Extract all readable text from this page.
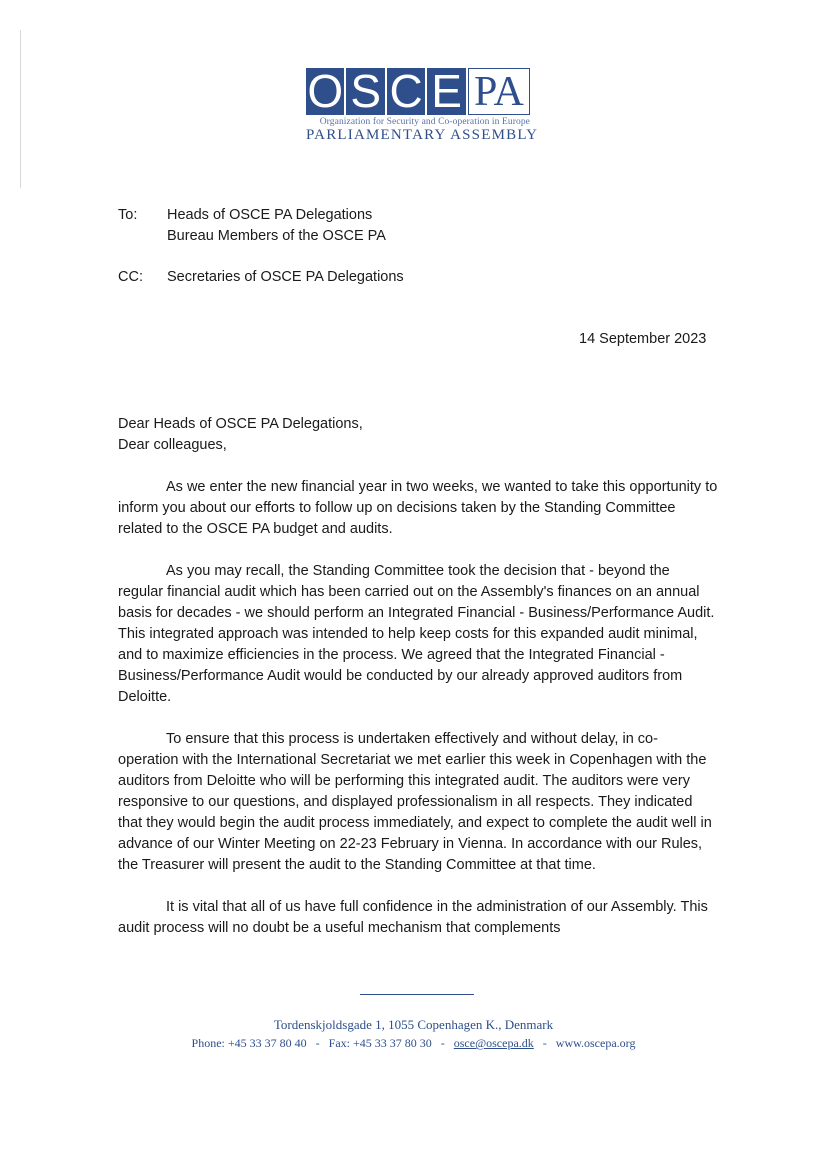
O S C E PA
Organization for Security and Co-operation in Europe
PARLIAMENTARY ASSEMBLY
To: Heads of OSCE PA Delegations
Bureau Members of the OSCE PA
CC: Secretaries of OSCE PA Delegations
14 September 2023

Dear Heads of OSCE PA Delegations,

Dear colleagues,

As we enter the new financial year in two weeks, we wanted to take this opportunity to inform you about our efforts to follow up on decisions taken by the Standing Committee related to the OSCE PA budget and audits.

As you may recall, the Standing Committee took the decision that - beyond the regular financial audit which has been carried out on the Assembly's finances on an annual basis for decades - we should perform an Integrated Financial - Business/Performance Audit. This integrated approach was intended to help keep costs for this expanded audit minimal, and to maximize efficiencies in the process. We agreed that the Integrated Financial - Business/Performance Audit would be conducted by our already approved auditors from Deloitte.

To ensure that this process is undertaken effectively and without delay, in co-operation with the International Secretariat we met earlier this week in Copenhagen with the auditors from Deloitte who will be performing this integrated audit. The auditors were very responsive to our questions, and displayed professionalism in all respects. They indicated that they would begin the audit process immediately, and expect to complete the audit well in advance of our Winter Meeting on 22-23 February in Vienna. In accordance with our Rules, the Treasurer will present the audit to the Standing Committee at that time.

It is vital that all of us have full confidence in the administration of our Assembly. This audit process will no doubt be a useful mechanism that complements

Tordenskjoldsgade 1, 1055 Copenhagen K., Denmark
Phone: +45 33 37 80 40 - Fax: +45 33 37 80 30 - osce@oscepa.dk - www.oscepa.org
